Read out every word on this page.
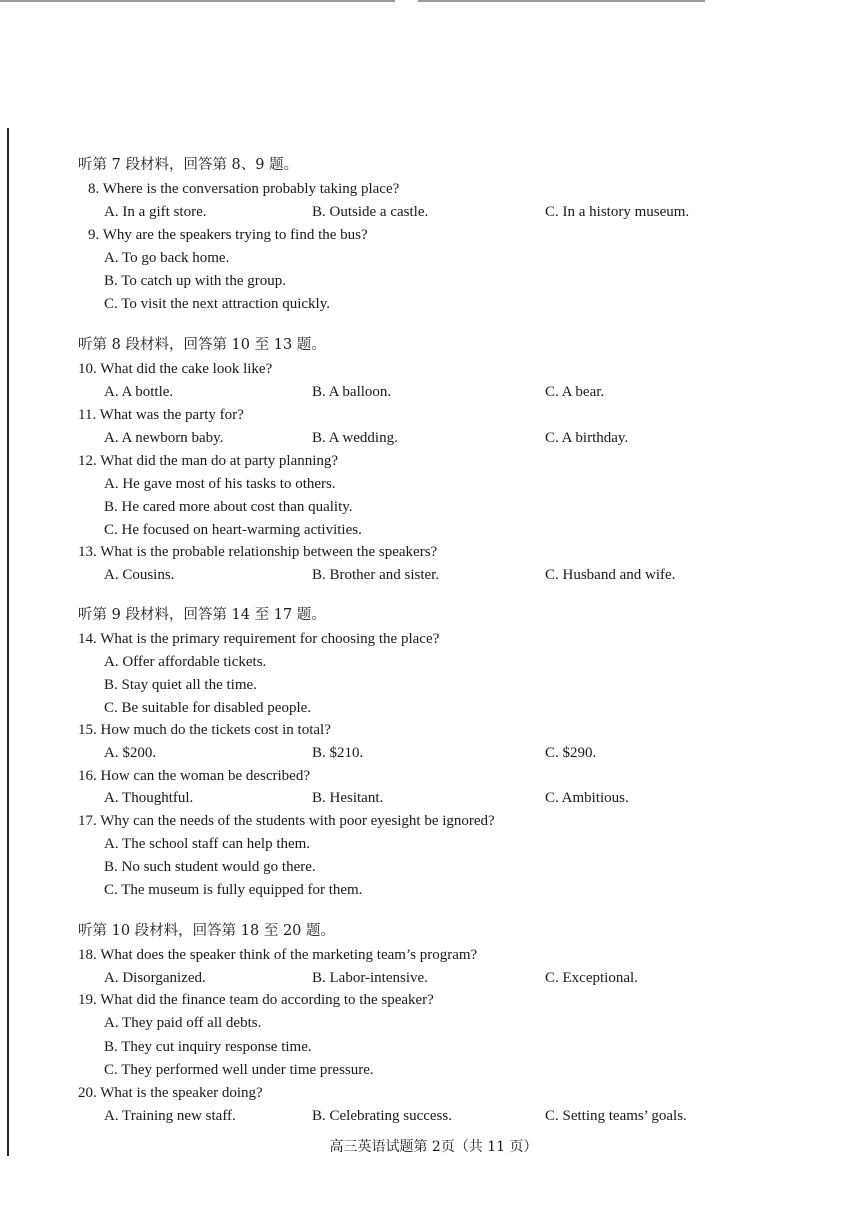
听第 7 段材料，回答第 8、9 题。
8. Where is the conversation probably taking place?
A. In a gift store.	B. Outside a castle.	C. In a history museum.
9. Why are the speakers trying to find the bus?
A. To go back home.
B. To catch up with the group.
C. To visit the next attraction quickly.
听第 8 段材料，回答第 10 至 13 题。
10. What did the cake look like?
A. A bottle.	B. A balloon.	C. A bear.
11. What was the party for?
A. A newborn baby.	B. A wedding.	C. A birthday.
12. What did the man do at party planning?
A. He gave most of his tasks to others.
B. He cared more about cost than quality.
C. He focused on heart-warming activities.
13. What is the probable relationship between the speakers?
A. Cousins.	B. Brother and sister.	C. Husband and wife.
听第 9 段材料，回答第 14 至 17 题。
14. What is the primary requirement for choosing the place?
A. Offer affordable tickets.
B. Stay quiet all the time.
C. Be suitable for disabled people.
15. How much do the tickets cost in total?
A. $200.	B. $210.	C. $290.
16. How can the woman be described?
A. Thoughtful.	B. Hesitant.	C. Ambitious.
17. Why can the needs of the students with poor eyesight be ignored?
A. The school staff can help them.
B. No such student would go there.
C. The museum is fully equipped for them.
听第 10 段材料，回答第 18 至 20 题。
18. What does the speaker think of the marketing team’s program?
A. Disorganized.	B. Labor-intensive.	C. Exceptional.
19. What did the finance team do according to the speaker?
A. They paid off all debts.
B. They cut inquiry response time.
C. They performed well under time pressure.
20. What is the speaker doing?
A. Training new staff.	B. Celebrating success.	C. Setting teams’ goals.
高三英语试题第 2页（共 11 页）
